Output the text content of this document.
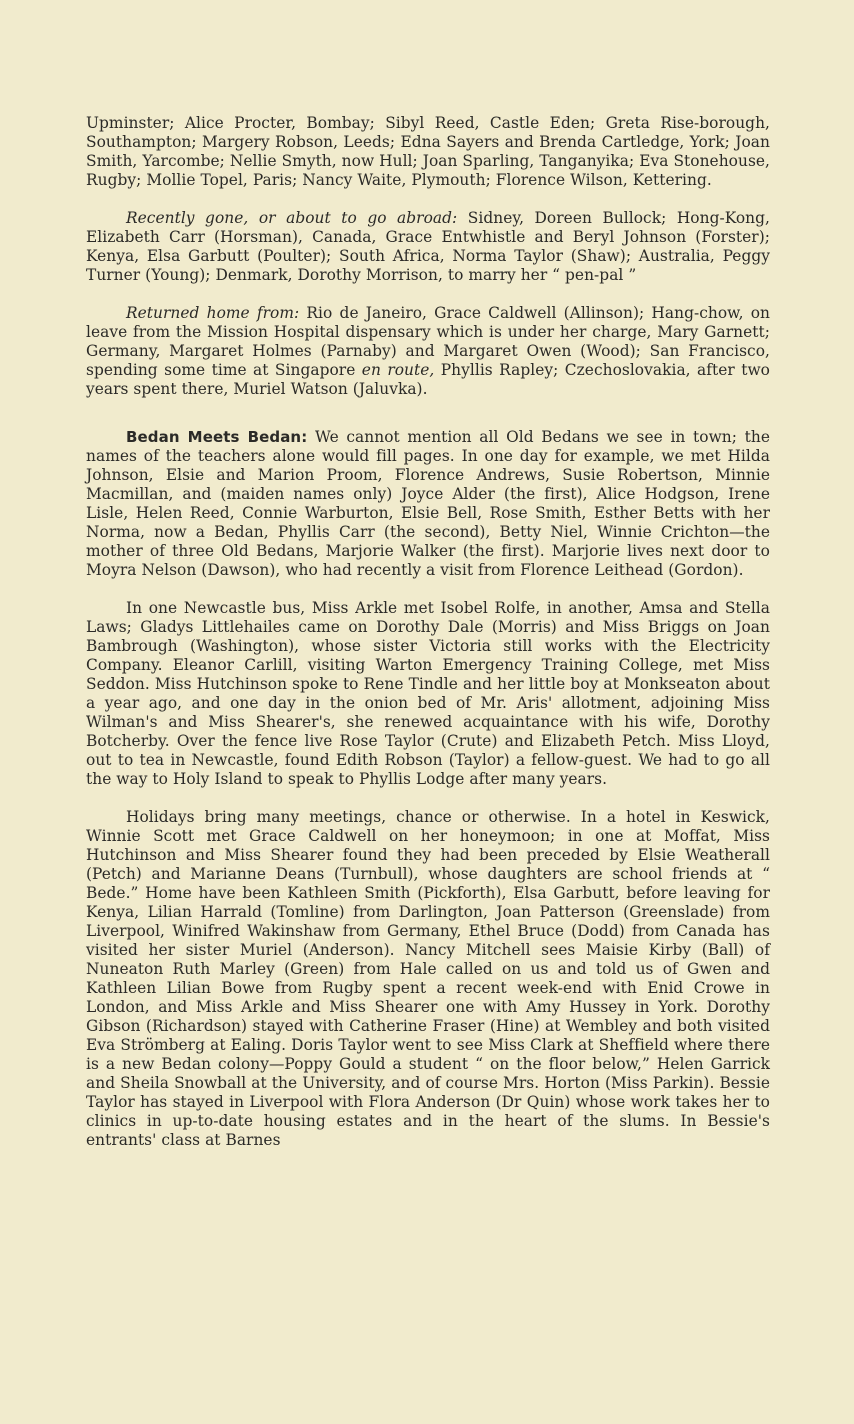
Upminster; Alice Procter, Bombay; Sibyl Reed, Castle Eden; Greta Rise-borough, Southampton; Margery Robson, Leeds; Edna Sayers and Brenda Cartledge, York; Joan Smith, Yarcombe; Nellie Smyth, now Hull; Joan Sparling, Tanganyika; Eva Stonehouse, Rugby; Mollie Topel, Paris; Nancy Waite, Plymouth; Florence Wilson, Kettering.

Recently gone, or about to go abroad: Sidney, Doreen Bullock; Hong-Kong, Elizabeth Carr (Horsman), Canada, Grace Entwhistle and Beryl Johnson (Forster); Kenya, Elsa Garbutt (Poulter); South Africa, Norma Taylor (Shaw); Australia, Peggy Turner (Young); Denmark, Dorothy Morrison, to marry her “ pen-pal ”

Returned home from: Rio de Janeiro, Grace Caldwell (Allinson); Hang-chow, on leave from the Mission Hospital dispensary which is under her charge, Mary Garnett; Germany, Margaret Holmes (Parnaby) and Margaret Owen (Wood); San Francisco, spending some time at Singapore en route, Phyllis Rapley; Czechoslovakia, after two years spent there, Muriel Watson (Jaluvka).

Bedan Meets Bedan: We cannot mention all Old Bedans we see in town; the names of the teachers alone would fill pages. In one day for example, we met Hilda Johnson, Elsie and Marion Proom, Florence Andrews, Susie Robertson, Minnie Macmillan, and (maiden names only) Joyce Alder (the first), Alice Hodgson, Irene Lisle, Helen Reed, Connie Warburton, Elsie Bell, Rose Smith, Esther Betts with her Norma, now a Bedan, Phyllis Carr (the second), Betty Niel, Winnie Crichton—the mother of three Old Bedans, Marjorie Walker (the first). Marjorie lives next door to Moyra Nelson (Dawson), who had recently a visit from Florence Leithead (Gordon).

In one Newcastle bus, Miss Arkle met Isobel Rolfe, in another, Amsa and Stella Laws; Gladys Littlehailes came on Dorothy Dale (Morris) and Miss Briggs on Joan Bambrough (Washington), whose sister Victoria still works with the Electricity Company. Eleanor Carlill, visiting Warton Emergency Training College, met Miss Seddon. Miss Hutchinson spoke to Rene Tindle and her little boy at Monkseaton about a year ago, and one day in the onion bed of Mr. Aris' allotment, adjoining Miss Wilman's and Miss Shearer's, she renewed acquaintance with his wife, Dorothy Botcherby. Over the fence live Rose Taylor (Crute) and Elizabeth Petch. Miss Lloyd, out to tea in Newcastle, found Edith Robson (Taylor) a fellow-guest. We had to go all the way to Holy Island to speak to Phyllis Lodge after many years.

Holidays bring many meetings, chance or otherwise. In a hotel in Keswick, Winnie Scott met Grace Caldwell on her honeymoon; in one at Moffat, Miss Hutchinson and Miss Shearer found they had been preceded by Elsie Weatherall (Petch) and Marianne Deans (Turnbull), whose daughters are school friends at “ Bede.” Home have been Kathleen Smith (Pickforth), Elsa Garbutt, before leaving for Kenya, Lilian Harrald (Tomline) from Darlington, Joan Patterson (Greenslade) from Liverpool, Winifred Wakinshaw from Germany, Ethel Bruce (Dodd) from Canada has visited her sister Muriel (Anderson). Nancy Mitchell sees Maisie Kirby (Ball) of Nuneaton Ruth Marley (Green) from Hale called on us and told us of Gwen and Kathleen Lilian Bowe from Rugby spent a recent week-end with Enid Crowe in London, and Miss Arkle and Miss Shearer one with Amy Hussey in York. Dorothy Gibson (Richardson) stayed with Catherine Fraser (Hine) at Wembley and both visited Eva Strömberg at Ealing. Doris Taylor went to see Miss Clark at Sheffield where there is a new Bedan colony—Poppy Gould a student “ on the floor below,” Helen Garrick and Sheila Snowball at the University, and of course Mrs. Horton (Miss Parkin). Bessie Taylor has stayed in Liverpool with Flora Anderson (Dr Quin) whose work takes her to clinics in up-to-date housing estates and in the heart of the slums. In Bessie's entrants' class at Barnes
